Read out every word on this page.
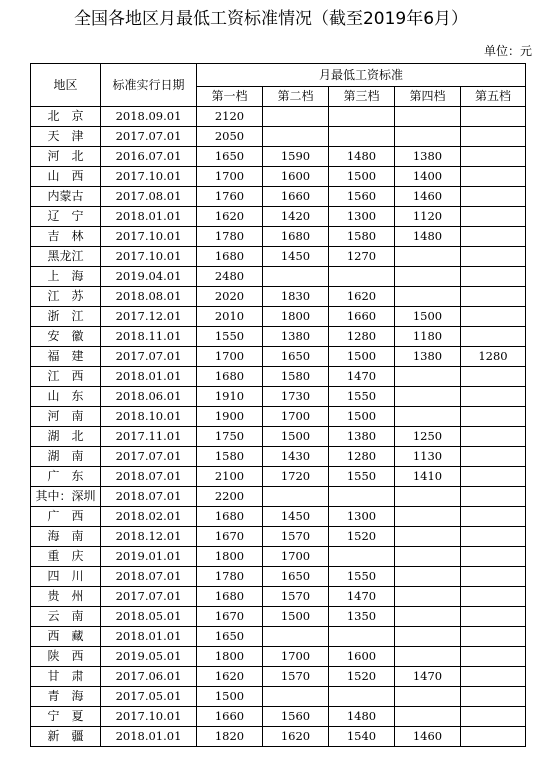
全国各地区月最低工资标准情况（截至2019年6月）
单位：元
地区	标准实行日期	月最低工资标准				
		第一档	第二档	第三档	第四档	第五档
北　京	2018.09.01	2120				
天　津	2017.07.01	2050				
河　北	2016.07.01	1650	1590	1480	1380	
山　西	2017.10.01	1700	1600	1500	1400	
内蒙古	2017.08.01	1760	1660	1560	1460	
辽　宁	2018.01.01	1620	1420	1300	1120	
吉　林	2017.10.01	1780	1680	1580	1480	
黑龙江	2017.10.01	1680	1450	1270		
上　海	2019.04.01	2480				
江　苏	2018.08.01	2020	1830	1620		
浙　江	2017.12.01	2010	1800	1660	1500	
安　徽	2018.11.01	1550	1380	1280	1180	
福　建	2017.07.01	1700	1650	1500	1380	1280
江　西	2018.01.01	1680	1580	1470		
山　东	2018.06.01	1910	1730	1550		
河　南	2018.10.01	1900	1700	1500		
湖　北	2017.11.01	1750	1500	1380	1250	
湖　南	2017.07.01	1580	1430	1280	1130	
广　东	2018.07.01	2100	1720	1550	1410	
其中：深圳	2018.07.01	2200				
广　西	2018.02.01	1680	1450	1300		
海　南	2018.12.01	1670	1570	1520		
重　庆	2019.01.01	1800	1700			
四　川	2018.07.01	1780	1650	1550		
贵　州	2017.07.01	1680	1570	1470		
云　南	2018.05.01	1670	1500	1350		
西　藏	2018.01.01	1650				
陕　西	2019.05.01	1800	1700	1600		
甘　肃	2017.06.01	1620	1570	1520	1470	
青　海	2017.05.01	1500				
宁　夏	2017.10.01	1660	1560	1480		
新　疆	2018.01.01	1820	1620	1540	1460	
